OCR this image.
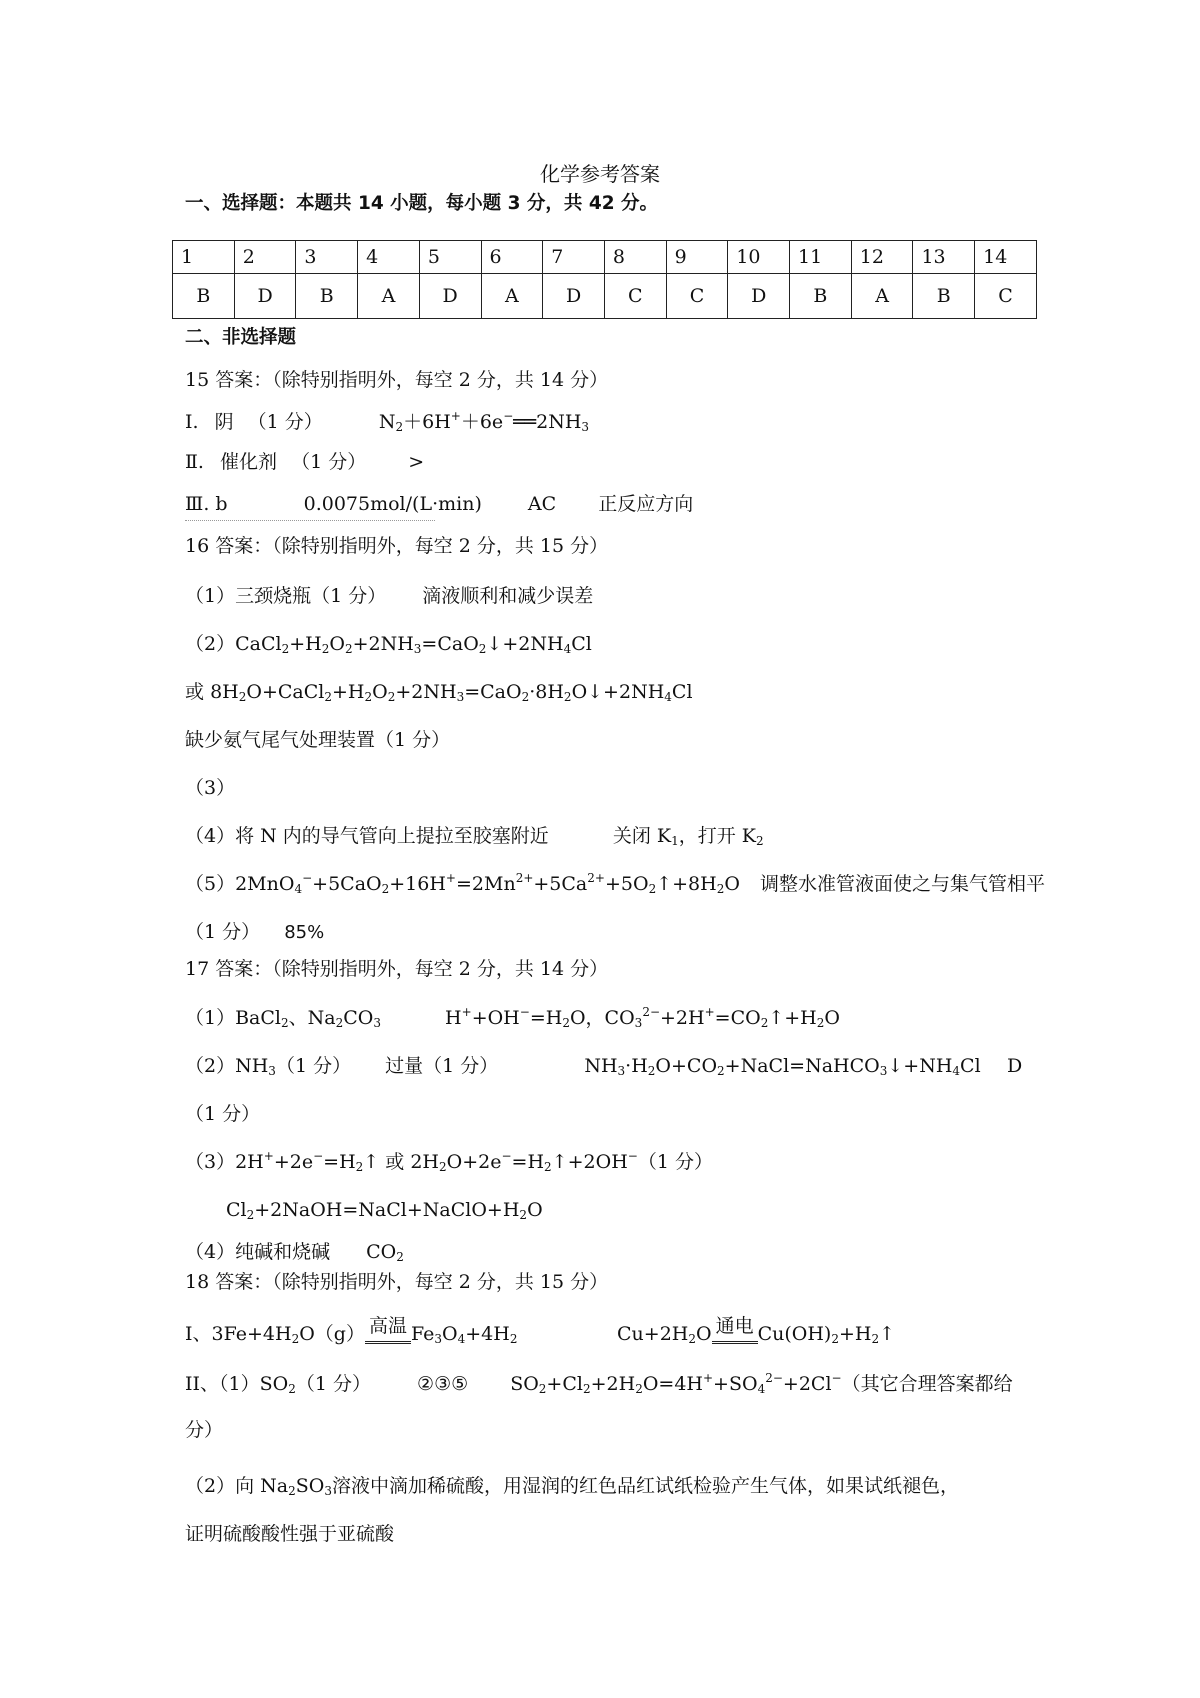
化学参考答案
一、选择题：本题共 14 小题，每小题 3 分，共 42 分。
1	2	3	4	5	6	7	8	9	10	11	12	13	14
B	D	B	A	D	A	D	C	C	D	B	A	B	C
二、非选择题
15 答案：（除特别指明外，每空 2 分，共 14 分）
Ⅰ. 阴 （1 分）	$N_2+6H^++6e^-══2NH_3$
Ⅱ. 催化剂 （1 分） >
Ⅲ. b	0.0075mol/(L·min) AC 正反应方向
16 答案：（除特别指明外，每空 2 分，共 15 分）
（1）三颈烧瓶（1 分） 滴液顺利和减少误差
$(2)CaCl_2+H_2O_2+2NH_3=CaO_2↓+2NH_4Cl$
或 $8H_2O+CaCl_2+H_2O_2+2NH_3=CaO_2\cdot 8H_2O↓+2NH_4Cl$
缺少氨气尾气处理装置（1 分）
（3）
（4）将 N 内的导气管向上提拉至胶塞附近	关闭 $K_1$，打开 $K_2$
$(5)2MnO_4^-+5CaO_2+16H^+=2Mn^{2+}+5Ca^{2+}+5O_2↑+8H_2O$ 调整水准管液面使之与集气管相平
（1 分） 85%
17 答案：（除特别指明外，每空 2 分，共 14 分）
（1）BaCl$_2$、$Na_2CO_3$	$H^++OH^-=H_2O$，$CO_3^{2-}+2H^+=CO_2↑+H_2O$
$(2)NH_3(1$ 分） 过量（1 分）	$NH_3\cdot H_2O+CO_2+NaCl=NaHCO_3↓+NH_4Cl$ D
（1 分）
$(3)2H^++2e^-=H_2↑$ 或 $2H_2O+2e^-=H_2↑+2OH^-(1$ 分）
$Cl_2+2NaOH=NaCl+NaClO+H_2O$
（4）纯碱和烧碱 $CO_2$
18 答案：（除特别指明外，每空 2 分，共 15 分）
I、$3Fe+4H_2O(g)$ 高温 $Fe_3O_4+4H_2$	$Cu+2H_2O$ 通电 $Cu(OH)_2+H_2↑$
II、$(1)SO_2(1$ 分） ②③⑤ $SO_2+Cl_2+2H_2O=4H^++SO_4^{2-}+2Cl^-$（其它合理答案都给
分）
（2）向 $Na_2SO_3$溶液中滴加稀硫酸，用湿润的红色品红试纸检验产生气体，如果试纸褪色，
证明硫酸酸性强于亚硫酸
